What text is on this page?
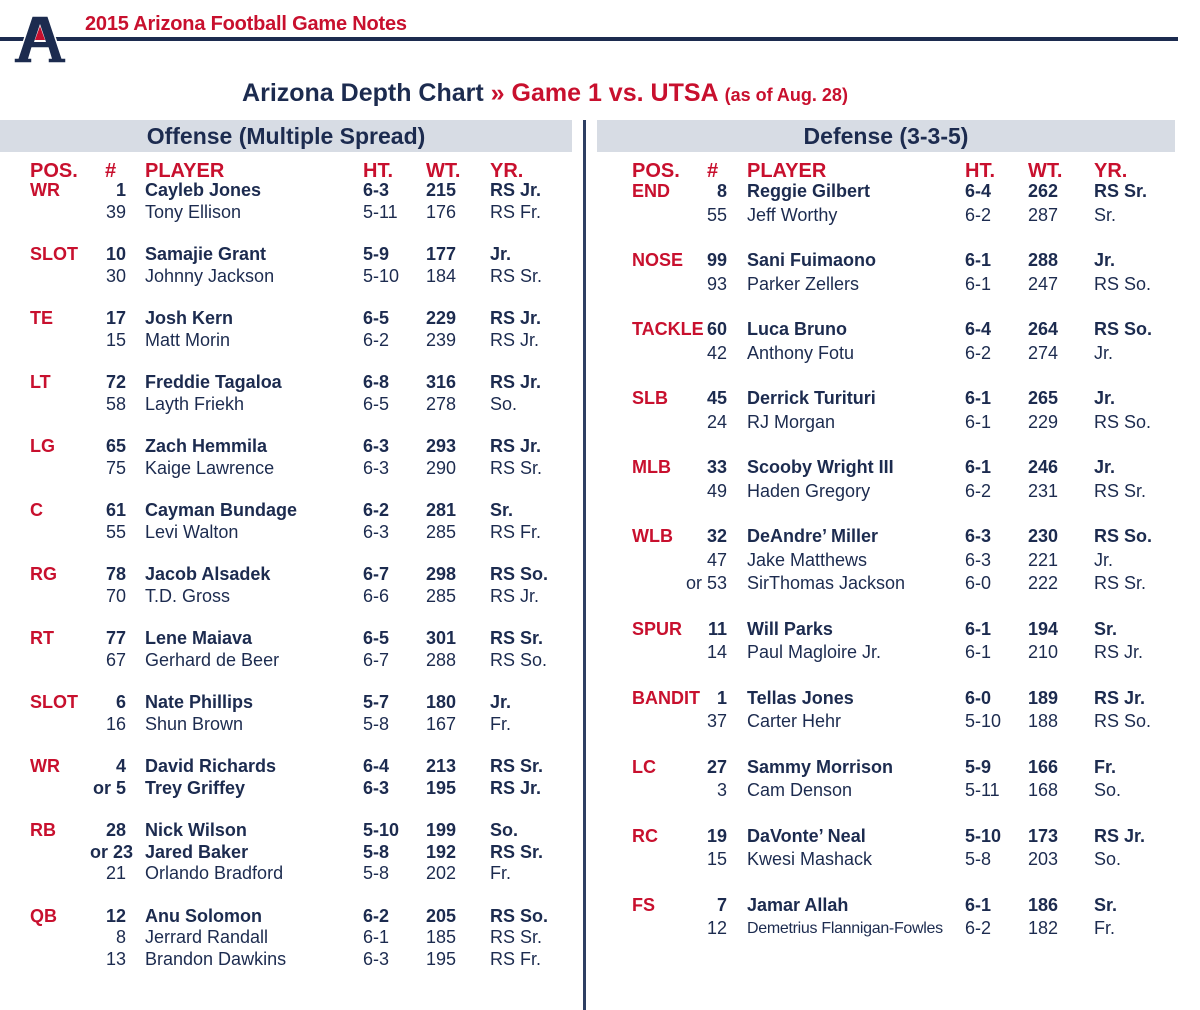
2015 Arizona Football Game Notes
Arizona Depth Chart » Game 1 vs. UTSA (as of Aug. 28)
Offense (Multiple Spread)
POS. # PLAYER	HT. WT. YR.
WR	1 Cayleb Jones	6-3 215 RS Jr.
39 Tony Ellison	5-11 176 RS Fr.
SLOT	10 Samajie Grant	5-9 177 Jr.
30 Johnny Jackson	5-10 184 RS Sr.
TE	17 Josh Kern	6-5 229 RS Jr.
15 Matt Morin	6-2 239 RS Jr.
LT	72 Freddie Tagaloa	6-8 316 RS Jr.
58 Layth Friekh	6-5 278 So.
LG	65 Zach Hemmila	6-3 293 RS Jr.
75 Kaige Lawrence	6-3 290 RS Sr.
C	61 Cayman Bundage	6-2 281 Sr.
55 Levi Walton	6-3 285 RS Fr.
RG	78 Jacob Alsadek	6-7 298 RS So.
70 T.D. Gross	6-6 285 RS Jr.
RT	77 Lene Maiava	6-5 301 RS Sr.
67 Gerhard de Beer	6-7 288 RS So.
SLOT	6 Nate Phillips	5-7 180 Jr.
16 Shun Brown	5-8 167 Fr.
WR	4 David Richards	6-4 213 RS Sr.
or 5 Trey Griffey	6-3 195 RS Jr.
RB	28 Nick Wilson	5-10 199 So.
or 23 Jared Baker	5-8 192 RS Sr.
21 Orlando Bradford	5-8 202 Fr.
QB	12 Anu Solomon	6-2 205 RS So.
8 Jerrard Randall	6-1 185 RS Sr.
13 Brandon Dawkins	6-3 195 RS Fr.
Defense (3-3-5)
POS. # PLAYER	HT. WT. YR.
END	8 Reggie Gilbert	6-4 262 RS Sr.
55 Jeff Worthy	6-2 287 Sr.
NOSE	99 Sani Fuimaono	6-1 288 Jr.
93 Parker Zellers	6-1 247 RS So.
TACKLE 60 Luca Bruno	6-4 264 RS So.
42 Anthony Fotu	6-2 274 Jr.
SLB	45 Derrick Turituri	6-1 265 Jr.
24 RJ Morgan	6-1 229 RS So.
MLB	33 Scooby Wright III	6-1 246 Jr.
49 Haden Gregory	6-2 231 RS Sr.
WLB	32 DeAndre’ Miller	6-3 230 RS So.
47 Jake Matthews	6-3 221 Jr.
or 53 SirThomas Jackson	6-0 222 RS Sr.
SPUR	11 Will Parks	6-1 194 Sr.
14 Paul Magloire Jr.	6-1 210 RS Jr.
BANDIT 1 Tellas Jones	6-0 189 RS Jr.
37 Carter Hehr	5-10 188 RS So.
LC	27 Sammy Morrison	5-9 166 Fr.
3 Cam Denson	5-11 168 So.
RC	19 DaVonte’ Neal	5-10 173 RS Jr.
15 Kwesi Mashack	5-8 203 So.
FS	7 Jamar Allah	6-1 186 Sr.
12 Demetrius Flannigan-Fowles 6-2 182 Fr.
